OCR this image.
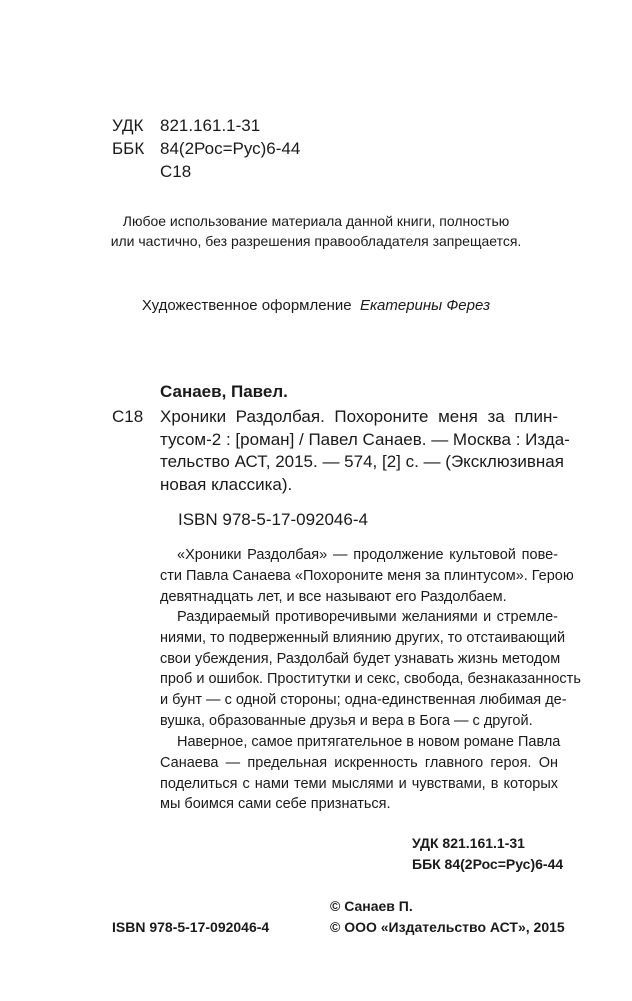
УДК 821.161.1-31
ББК 84(2Рос=Рус)6-44
С18
Любое использование материала данной книги, полностью
или частично, без разрешения правообладателя запрещается.
Художественное оформление Екатерины Ферез
Санаев, Павел.
С18 Хроники Раздолбая. Похороните меня за плин-
тусом-2 : [роман] / Павел Санаев. — Москва : Изда-
тельство АСТ, 2015. — 574, [2] с. — (Эксклюзивная
новая классика).
ISBN 978-5-17-092046-4
«Хроники Раздолбая» — продолжение культовой пове-
сти Павла Санаева «Похороните меня за плинтусом». Герою
девятнадцать лет, и все называют его Раздолбаем.
Раздираемый противоречивыми желаниями и стремле-
ниями, то подверженный влиянию других, то отстаивающий
свои убеждения, Раздолбай будет узнавать жизнь методом
проб и ошибок. Проститутки и секс, свобода, безнаказанность
и бунт — с одной стороны; одна-единственная любимая де-
вушка, образованные друзья и вера в Бога — с другой.
Наверное, самое притягательное в новом романе Павла
Санаева — предельная искренность главного героя. Он
поделиться с нами теми мыслями и чувствами, в которых
мы боимся сами себе признаться.
УДК 821.161.1-31
ББК 84(2Рос=Рус)6-44
© Санаев П.
ISBN 978-5-17-092046-4	© ООО «Издательство АСТ», 2015
